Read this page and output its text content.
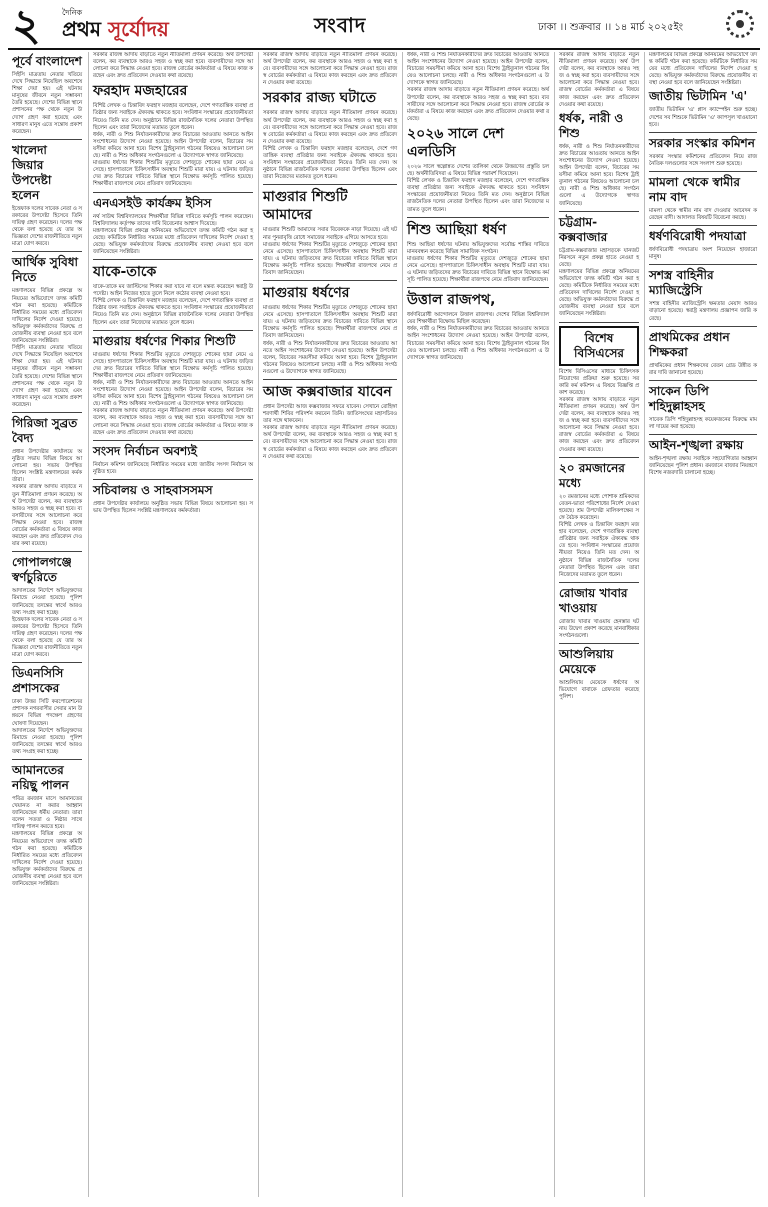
২	দৈনিক
প্রথম সূর্যোদয়	সংবাদ	ঢাকা ।। শুক্রবার ।। ১৪ মার্চ ২০২৫ইং
পূর্বে বাংলাদেশ
সিইসি মাত্রতায় নেতার খতিয়ে দেখে সিদ্ধান্তে নিয়েছিল অবশেষে শিক্ষা দেয়া হয়। এই ঘটনায় মানুষের জীবনে নতুন সম্ভাবনা তৈরি হয়েছে। দেশের বিভিন্ন স্থানে প্রশাসনের পক্ষ থেকে নতুন উদ্যোগ গ্রহণ করা হয়েছে এবং সাধারণ মানুষ এতে সন্তোষ প্রকাশ করেছেন।
খালেদা জিয়ার উপদেষ্টা হলেন
ইত্তেফাক দলের সাবেক নেতা ও সরকারের উপদেষ্টা হিসেবে তিনি দায়িত্ব গ্রহণ করেছেন। দলের পক্ষ থেকে বলা হয়েছে যে তার অভিজ্ঞতা দেশের রাজনীতিতে নতুন মাত্রা যোগ করবে।
আর্থিক সুবিধা নিতে
মন্ত্রণালয়ের বিভিন্ন প্রকল্পে অনিয়মের অভিযোগে তদন্ত কমিটি গঠন করা হয়েছে। কমিটিকে নির্ধারিত সময়ের মধ্যে প্রতিবেদন দাখিলের নির্দেশ দেওয়া হয়েছে। অভিযুক্ত কর্মকর্তাদের বিরুদ্ধে প্রয়োজনীয় ব্যবস্থা নেওয়া হবে বলে জানিয়েছেন সংশ্লিষ্টরা।
সিইসি মাত্রতায় নেতার খতিয়ে দেখে সিদ্ধান্তে নিয়েছিল অবশেষে শিক্ষা দেয়া হয়। এই ঘটনায় মানুষের জীবনে নতুন সম্ভাবনা তৈরি হয়েছে। দেশের বিভিন্ন স্থানে প্রশাসনের পক্ষ থেকে নতুন উদ্যোগ গ্রহণ করা হয়েছে এবং সাধারণ মানুষ এতে সন্তোষ প্রকাশ করেছেন।
গিরিজা সুব্রত বৈদ্য
প্রধান উপদেষ্টার কার্যালয়ে অনুষ্ঠিত সভায় বিভিন্ন বিষয়ে আলোচনা হয়। সভায় উপস্থিত ছিলেন সংশ্লিষ্ট মন্ত্রণালয়ের কর্মকর্তারা।
সরকার রাজস্ব আদায় বাড়াতে নতুন নীতিমালা প্রণয়ন করেছে। অর্থ উপদেষ্টা বলেন, কর ব্যবস্থাকে আরও সহজ ও স্বচ্ছ করা হবে। ব্যবসায়ীদের সঙ্গে আলোচনা করে সিদ্ধান্ত নেওয়া হবে। রাজস্ব বোর্ডের কর্মকর্তারা এ বিষয়ে কাজ করছেন এবং দ্রুত প্রতিবেদন দেওয়ার কথা রয়েছে।
গোপালগঞ্জে স্বর্ণচুরিতে
আদালতের নির্দেশে অভিযুক্তদের রিমান্ডে নেওয়া হয়েছে। পুলিশ জানিয়েছে তদন্তের স্বার্থে আরও তথ্য সংগ্রহ করা হচ্ছে।
ইত্তেফাক দলের সাবেক নেতা ও সরকারের উপদেষ্টা হিসেবে তিনি দায়িত্ব গ্রহণ করেছেন। দলের পক্ষ থেকে বলা হয়েছে যে তার অভিজ্ঞতা দেশের রাজনীতিতে নতুন মাত্রা যোগ করবে।
ডিএনসিসি প্রশাসকের
ঢাকা উত্তর সিটি করপোরেশনের প্রশাসক নগরবাসীর সেবার মান উন্নয়নে বিভিন্ন পদক্ষেপ গ্রহণের ঘোষণা দিয়েছেন।
আদালতের নির্দেশে অভিযুক্তদের রিমান্ডে নেওয়া হয়েছে। পুলিশ জানিয়েছে তদন্তের স্বার্থে আরও তথ্য সংগ্রহ করা হচ্ছে।
আমানতের নয়িছু পালন
পবিত্র রমজান মাসে আমানতের খেয়ানত না করার আহ্বান জানিয়েছেন ধর্মীয় নেতারা। তারা বলেন সততা ও নিষ্ঠার সাথে দায়িত্ব পালন করতে হবে।
মন্ত্রণালয়ের বিভিন্ন প্রকল্পে অনিয়মের অভিযোগে তদন্ত কমিটি গঠন করা হয়েছে। কমিটিকে নির্ধারিত সময়ের মধ্যে প্রতিবেদন দাখিলের নির্দেশ দেওয়া হয়েছে। অভিযুক্ত কর্মকর্তাদের বিরুদ্ধে প্রয়োজনীয় ব্যবস্থা নেওয়া হবে বলে জানিয়েছেন সংশ্লিষ্টরা।
সরকার রাজস্ব আদায় বাড়াতে নতুন নীতিমালা প্রণয়ন করেছে। অর্থ উপদেষ্টা বলেন, কর ব্যবস্থাকে আরও সহজ ও স্বচ্ছ করা হবে। ব্যবসায়ীদের সঙ্গে আলোচনা করে সিদ্ধান্ত নেওয়া হবে। রাজস্ব বোর্ডের কর্মকর্তারা এ বিষয়ে কাজ করছেন এবং দ্রুত প্রতিবেদন দেওয়ার কথা রয়েছে।
ফরহাদ মজহারের
বিশিষ্ট লেখক ও চিন্তাবিদ ফরহাদ মজহার বলেছেন, দেশে গণতান্ত্রিক ব্যবস্থা প্রতিষ্ঠার জন্য সবাইকে ঐক্যবদ্ধ থাকতে হবে। সংবিধান সংস্কারের প্রয়োজনীয়তা নিয়েও তিনি মত দেন। অনুষ্ঠানে বিভিন্ন রাজনৈতিক দলের নেতারা উপস্থিত ছিলেন এবং তারা নিজেদের মতামত তুলে ধরেন।
ধর্ষক, নারী ও শিশু নির্যাতনকারীদের দ্রুত বিচারের আওতায় আনতে আইন সংশোধনের উদ্যোগ নেওয়া হয়েছে। আইন উপদেষ্টা বলেন, বিচারের সময়সীমা কমিয়ে আনা হবে। বিশেষ ট্রাইব্যুনাল গঠনের বিষয়েও আলোচনা চলছে। নারী ও শিশু অধিকার সংগঠনগুলো এ উদ্যোগকে স্বাগত জানিয়েছে।
মাগুরায় ধর্ষণের শিকার শিশুটির মৃত্যুতে দেশজুড়ে শোকের ছায়া নেমে এসেছে। হাসপাতালে চিকিৎসাধীন অবস্থায় শিশুটি মারা যায়। এ ঘটনায় জড়িতদের দ্রুত বিচারের দাবিতে বিভিন্ন স্থানে বিক্ষোভ কর্মসূচি পালিত হয়েছে। শিক্ষার্থীরা রাজপথে নেমে প্রতিবাদ জানিয়েছেন।
এনএসইউ কার্যক্রম ইসিস
নর্থ সাউথ বিশ্ববিদ্যালয়ের শিক্ষার্থীরা বিভিন্ন দাবিতে কর্মসূচি পালন করেছেন। বিশ্ববিদ্যালয় কর্তৃপক্ষ তাদের দাবি বিবেচনার আশ্বাস দিয়েছে।
মন্ত্রণালয়ের বিভিন্ন প্রকল্পে অনিয়মের অভিযোগে তদন্ত কমিটি গঠন করা হয়েছে। কমিটিকে নির্ধারিত সময়ের মধ্যে প্রতিবেদন দাখিলের নির্দেশ দেওয়া হয়েছে। অভিযুক্ত কর্মকর্তাদের বিরুদ্ধে প্রয়োজনীয় ব্যবস্থা নেওয়া হবে বলে জানিয়েছেন সংশ্লিষ্টরা।
যাকে-তাকে
যাকে-তাকে মব জাস্টিসের শিকার করা যাবে না বলে মন্তব্য করেছেন স্বরাষ্ট্র উপদেষ্টা। আইন নিজের হাতে তুলে নিলে কঠোর ব্যবস্থা নেওয়া হবে।
বিশিষ্ট লেখক ও চিন্তাবিদ ফরহাদ মজহার বলেছেন, দেশে গণতান্ত্রিক ব্যবস্থা প্রতিষ্ঠার জন্য সবাইকে ঐক্যবদ্ধ থাকতে হবে। সংবিধান সংস্কারের প্রয়োজনীয়তা নিয়েও তিনি মত দেন। অনুষ্ঠানে বিভিন্ন রাজনৈতিক দলের নেতারা উপস্থিত ছিলেন এবং তারা নিজেদের মতামত তুলে ধরেন।
মাগুরায় ধর্ষণের শিকার শিশুটি
মাগুরায় ধর্ষণের শিকার শিশুটির মৃত্যুতে দেশজুড়ে শোকের ছায়া নেমে এসেছে। হাসপাতালে চিকিৎসাধীন অবস্থায় শিশুটি মারা যায়। এ ঘটনায় জড়িতদের দ্রুত বিচারের দাবিতে বিভিন্ন স্থানে বিক্ষোভ কর্মসূচি পালিত হয়েছে। শিক্ষার্থীরা রাজপথে নেমে প্রতিবাদ জানিয়েছেন।
ধর্ষক, নারী ও শিশু নির্যাতনকারীদের দ্রুত বিচারের আওতায় আনতে আইন সংশোধনের উদ্যোগ নেওয়া হয়েছে। আইন উপদেষ্টা বলেন, বিচারের সময়সীমা কমিয়ে আনা হবে। বিশেষ ট্রাইব্যুনাল গঠনের বিষয়েও আলোচনা চলছে। নারী ও শিশু অধিকার সংগঠনগুলো এ উদ্যোগকে স্বাগত জানিয়েছে।
সরকার রাজস্ব আদায় বাড়াতে নতুন নীতিমালা প্রণয়ন করেছে। অর্থ উপদেষ্টা বলেন, কর ব্যবস্থাকে আরও সহজ ও স্বচ্ছ করা হবে। ব্যবসায়ীদের সঙ্গে আলোচনা করে সিদ্ধান্ত নেওয়া হবে। রাজস্ব বোর্ডের কর্মকর্তারা এ বিষয়ে কাজ করছেন এবং দ্রুত প্রতিবেদন দেওয়ার কথা রয়েছে।
সংসদ নির্বাচন অবশ্যই
নির্বাচন কমিশন জানিয়েছে নির্ধারিত সময়ের মধ্যে জাতীয় সংসদ নির্বাচন অনুষ্ঠিত হবে।
সচিবালয় ও সাহবাসসমস
প্রধান উপদেষ্টার কার্যালয়ে অনুষ্ঠিত সভায় বিভিন্ন বিষয়ে আলোচনা হয়। সভায় উপস্থিত ছিলেন সংশ্লিষ্ট মন্ত্রণালয়ের কর্মকর্তারা।
সরকার রাজস্ব আদায় বাড়াতে নতুন নীতিমালা প্রণয়ন করেছে। অর্থ উপদেষ্টা বলেন, কর ব্যবস্থাকে আরও সহজ ও স্বচ্ছ করা হবে। ব্যবসায়ীদের সঙ্গে আলোচনা করে সিদ্ধান্ত নেওয়া হবে। রাজস্ব বোর্ডের কর্মকর্তারা এ বিষয়ে কাজ করছেন এবং দ্রুত প্রতিবেদন দেওয়ার কথা রয়েছে।
সরকার রাজ্য ঘটাতে
সরকার রাজস্ব আদায় বাড়াতে নতুন নীতিমালা প্রণয়ন করেছে। অর্থ উপদেষ্টা বলেন, কর ব্যবস্থাকে আরও সহজ ও স্বচ্ছ করা হবে। ব্যবসায়ীদের সঙ্গে আলোচনা করে সিদ্ধান্ত নেওয়া হবে। রাজস্ব বোর্ডের কর্মকর্তারা এ বিষয়ে কাজ করছেন এবং দ্রুত প্রতিবেদন দেওয়ার কথা রয়েছে।
বিশিষ্ট লেখক ও চিন্তাবিদ ফরহাদ মজহার বলেছেন, দেশে গণতান্ত্রিক ব্যবস্থা প্রতিষ্ঠার জন্য সবাইকে ঐক্যবদ্ধ থাকতে হবে। সংবিধান সংস্কারের প্রয়োজনীয়তা নিয়েও তিনি মত দেন। অনুষ্ঠানে বিভিন্ন রাজনৈতিক দলের নেতারা উপস্থিত ছিলেন এবং তারা নিজেদের মতামত তুলে ধরেন।
মাগুরার শিশুটি আমাদের
মাগুরার শিশুটি আমাদের সবার বিবেককে নাড়া দিয়েছে। এই ঘটনার পুনরাবৃত্তি রোধে সমাজের সবাইকে এগিয়ে আসতে হবে।
মাগুরায় ধর্ষণের শিকার শিশুটির মৃত্যুতে দেশজুড়ে শোকের ছায়া নেমে এসেছে। হাসপাতালে চিকিৎসাধীন অবস্থায় শিশুটি মারা যায়। এ ঘটনায় জড়িতদের দ্রুত বিচারের দাবিতে বিভিন্ন স্থানে বিক্ষোভ কর্মসূচি পালিত হয়েছে। শিক্ষার্থীরা রাজপথে নেমে প্রতিবাদ জানিয়েছেন।
মাগুরায় ধর্ষণের
মাগুরায় ধর্ষণের শিকার শিশুটির মৃত্যুতে দেশজুড়ে শোকের ছায়া নেমে এসেছে। হাসপাতালে চিকিৎসাধীন অবস্থায় শিশুটি মারা যায়। এ ঘটনায় জড়িতদের দ্রুত বিচারের দাবিতে বিভিন্ন স্থানে বিক্ষোভ কর্মসূচি পালিত হয়েছে। শিক্ষার্থীরা রাজপথে নেমে প্রতিবাদ জানিয়েছেন।
ধর্ষক, নারী ও শিশু নির্যাতনকারীদের দ্রুত বিচারের আওতায় আনতে আইন সংশোধনের উদ্যোগ নেওয়া হয়েছে। আইন উপদেষ্টা বলেন, বিচারের সময়সীমা কমিয়ে আনা হবে। বিশেষ ট্রাইব্যুনাল গঠনের বিষয়েও আলোচনা চলছে। নারী ও শিশু অধিকার সংগঠনগুলো এ উদ্যোগকে স্বাগত জানিয়েছে।
আজ কক্সবাজার যাবেন
প্রধান উপদেষ্টা আজ কক্সবাজার সফরে যাবেন। সেখানে রোহিঙ্গা শরণার্থী শিবির পরিদর্শন করবেন তিনি। জাতিসংঘের মহাসচিবও তার সঙ্গে থাকবেন।
সরকার রাজস্ব আদায় বাড়াতে নতুন নীতিমালা প্রণয়ন করেছে। অর্থ উপদেষ্টা বলেন, কর ব্যবস্থাকে আরও সহজ ও স্বচ্ছ করা হবে। ব্যবসায়ীদের সঙ্গে আলোচনা করে সিদ্ধান্ত নেওয়া হবে। রাজস্ব বোর্ডের কর্মকর্তারা এ বিষয়ে কাজ করছেন এবং দ্রুত প্রতিবেদন দেওয়ার কথা রয়েছে।
ধর্ষক, নারী ও শিশু নির্যাতনকারীদের দ্রুত বিচারের আওতায় আনতে আইন সংশোধনের উদ্যোগ নেওয়া হয়েছে। আইন উপদেষ্টা বলেন, বিচারের সময়সীমা কমিয়ে আনা হবে। বিশেষ ট্রাইব্যুনাল গঠনের বিষয়েও আলোচনা চলছে। নারী ও শিশু অধিকার সংগঠনগুলো এ উদ্যোগকে স্বাগত জানিয়েছে।
সরকার রাজস্ব আদায় বাড়াতে নতুন নীতিমালা প্রণয়ন করেছে। অর্থ উপদেষ্টা বলেন, কর ব্যবস্থাকে আরও সহজ ও স্বচ্ছ করা হবে। ব্যবসায়ীদের সঙ্গে আলোচনা করে সিদ্ধান্ত নেওয়া হবে। রাজস্ব বোর্ডের কর্মকর্তারা এ বিষয়ে কাজ করছেন এবং দ্রুত প্রতিবেদন দেওয়ার কথা রয়েছে।
২০২৬ সালে দেশ এলডিসি
২০২৬ সালে স্বল্পোন্নত দেশের তালিকা থেকে উত্তরণের প্রস্তুতি চলছে। অর্থনীতিবিদরা এ বিষয়ে বিভিন্ন পরামর্শ দিয়েছেন।
বিশিষ্ট লেখক ও চিন্তাবিদ ফরহাদ মজহার বলেছেন, দেশে গণতান্ত্রিক ব্যবস্থা প্রতিষ্ঠার জন্য সবাইকে ঐক্যবদ্ধ থাকতে হবে। সংবিধান সংস্কারের প্রয়োজনীয়তা নিয়েও তিনি মত দেন। অনুষ্ঠানে বিভিন্ন রাজনৈতিক দলের নেতারা উপস্থিত ছিলেন এবং তারা নিজেদের মতামত তুলে ধরেন।
শিশু আছিয়া ধর্ষণ
শিশু আছিয়া ধর্ষণের ঘটনায় অভিযুক্তদের সর্বোচ্চ শাস্তির দাবিতে মানববন্ধন করেছে বিভিন্ন সামাজিক সংগঠন।
মাগুরায় ধর্ষণের শিকার শিশুটির মৃত্যুতে দেশজুড়ে শোকের ছায়া নেমে এসেছে। হাসপাতালে চিকিৎসাধীন অবস্থায় শিশুটি মারা যায়। এ ঘটনায় জড়িতদের দ্রুত বিচারের দাবিতে বিভিন্ন স্থানে বিক্ষোভ কর্মসূচি পালিত হয়েছে। শিক্ষার্থীরা রাজপথে নেমে প্রতিবাদ জানিয়েছেন।
উত্তাল রাজপথ,
ধর্ষণবিরোধী আন্দোলনে উত্তাল রাজপথ। দেশের বিভিন্ন বিশ্ববিদ্যালয়ের শিক্ষার্থীরা বিক্ষোভ মিছিল করেছেন।
ধর্ষক, নারী ও শিশু নির্যাতনকারীদের দ্রুত বিচারের আওতায় আনতে আইন সংশোধনের উদ্যোগ নেওয়া হয়েছে। আইন উপদেষ্টা বলেন, বিচারের সময়সীমা কমিয়ে আনা হবে। বিশেষ ট্রাইব্যুনাল গঠনের বিষয়েও আলোচনা চলছে। নারী ও শিশু অধিকার সংগঠনগুলো এ উদ্যোগকে স্বাগত জানিয়েছে।
সরকার রাজস্ব আদায় বাড়াতে নতুন নীতিমালা প্রণয়ন করেছে। অর্থ উপদেষ্টা বলেন, কর ব্যবস্থাকে আরও সহজ ও স্বচ্ছ করা হবে। ব্যবসায়ীদের সঙ্গে আলোচনা করে সিদ্ধান্ত নেওয়া হবে। রাজস্ব বোর্ডের কর্মকর্তারা এ বিষয়ে কাজ করছেন এবং দ্রুত প্রতিবেদন দেওয়ার কথা রয়েছে।
ধর্ষক, নারী ও শিশু
ধর্ষক, নারী ও শিশু নির্যাতনকারীদের দ্রুত বিচারের আওতায় আনতে আইন সংশোধনের উদ্যোগ নেওয়া হয়েছে। আইন উপদেষ্টা বলেন, বিচারের সময়সীমা কমিয়ে আনা হবে। বিশেষ ট্রাইব্যুনাল গঠনের বিষয়েও আলোচনা চলছে। নারী ও শিশু অধিকার সংগঠনগুলো এ উদ্যোগকে স্বাগত জানিয়েছে।
চট্টগ্রাম-কক্সবাজার
চট্টগ্রাম-কক্সবাজার মহাসড়কে যানজট নিরসনে নতুন প্রকল্প হাতে নেওয়া হয়েছে।
মন্ত্রণালয়ের বিভিন্ন প্রকল্পে অনিয়মের অভিযোগে তদন্ত কমিটি গঠন করা হয়েছে। কমিটিকে নির্ধারিত সময়ের মধ্যে প্রতিবেদন দাখিলের নির্দেশ দেওয়া হয়েছে। অভিযুক্ত কর্মকর্তাদের বিরুদ্ধে প্রয়োজনীয় ব্যবস্থা নেওয়া হবে বলে জানিয়েছেন সংশ্লিষ্টরা।
বিশেষ বিসিএসের
বিশেষ বিসিএসের মাধ্যমে চিকিৎসক নিয়োগের প্রক্রিয়া শুরু হয়েছে। সরকারি কর্ম কমিশন এ বিষয়ে বিজ্ঞপ্তি প্রকাশ করেছে।
সরকার রাজস্ব আদায় বাড়াতে নতুন নীতিমালা প্রণয়ন করেছে। অর্থ উপদেষ্টা বলেন, কর ব্যবস্থাকে আরও সহজ ও স্বচ্ছ করা হবে। ব্যবসায়ীদের সঙ্গে আলোচনা করে সিদ্ধান্ত নেওয়া হবে। রাজস্ব বোর্ডের কর্মকর্তারা এ বিষয়ে কাজ করছেন এবং দ্রুত প্রতিবেদন দেওয়ার কথা রয়েছে।
২০ রমজানের মধ্যে
২০ রমজানের মধ্যে পোশাক শ্রমিকদের বেতন-ভাতা পরিশোধের নির্দেশ দেওয়া হয়েছে। শ্রম উপদেষ্টা মালিকপক্ষের সঙ্গে বৈঠক করেছেন।
বিশিষ্ট লেখক ও চিন্তাবিদ ফরহাদ মজহার বলেছেন, দেশে গণতান্ত্রিক ব্যবস্থা প্রতিষ্ঠার জন্য সবাইকে ঐক্যবদ্ধ থাকতে হবে। সংবিধান সংস্কারের প্রয়োজনীয়তা নিয়েও তিনি মত দেন। অনুষ্ঠানে বিভিন্ন রাজনৈতিক দলের নেতারা উপস্থিত ছিলেন এবং তারা নিজেদের মতামত তুলে ধরেন।
রোজায় খাবার খাওয়ায়
রোজায় খাবার খাওয়ায় হেনস্তার ঘটনায় উদ্বেগ প্রকাশ করেছে মানবাধিকার সংগঠনগুলো।
আশুলিয়ায় মেয়েকে
আশুলিয়ায় মেয়েকে ধর্ষণের অভিযোগে বাবাকে গ্রেফতার করেছে পুলিশ।
মন্ত্রণালয়ের বিভিন্ন প্রকল্পে অনিয়মের অভিযোগে তদন্ত কমিটি গঠন করা হয়েছে। কমিটিকে নির্ধারিত সময়ের মধ্যে প্রতিবেদন দাখিলের নির্দেশ দেওয়া হয়েছে। অভিযুক্ত কর্মকর্তাদের বিরুদ্ধে প্রয়োজনীয় ব্যবস্থা নেওয়া হবে বলে জানিয়েছেন সংশ্লিষ্টরা।
জাতীয় ভিটামিন 'এ'
জাতীয় ভিটামিন 'এ' প্লাস ক্যাম্পেইন শুরু হচ্ছে। দেশের সব শিশুকে ভিটামিন 'এ' ক্যাপসুল খাওয়ানো হবে।
সরকার সংস্কার কমিশন
সরকার সংস্কার কমিশনের প্রতিবেদন নিয়ে রাজনৈতিক দলগুলোর সঙ্গে সংলাপ শুরু হয়েছে।
মামলা থেকে স্বামীর নাম বাদ
মামলা থেকে স্বামীর নাম বাদ দেওয়ার আবেদন করেছেন বাদী। আদালত বিষয়টি বিবেচনা করছে।
ধর্ষণবিরোধী পদযাত্রা
ধর্ষণবিরোধী পদযাত্রায় অংশ নিয়েছেন হাজারো মানুষ।
সশস্ত্র বাহিনীর ম্যাজিস্ট্রেসি
সশস্ত্র বাহিনীর ম্যাজিস্ট্রেসি ক্ষমতার মেয়াদ আরও বাড়ানো হয়েছে। স্বরাষ্ট্র মন্ত্রণালয় প্রজ্ঞাপন জারি করেছে।
প্রাথমিকের প্রধান শিক্ষকরা
প্রাথমিকের প্রধান শিক্ষকদের বেতন গ্রেড উন্নীত করার দাবি জানানো হয়েছে।
সাকেন ডিপি শহিদুল্লাহসহ
সাবেক ডিপি শহিদুল্লাহসহ কয়েকজনের বিরুদ্ধে মামলা দায়ের করা হয়েছে।
আইন-শৃঙ্খলা রক্ষায়
আইন-শৃঙ্খলা রক্ষায় সবাইকে সহযোগিতার আহ্বান জানিয়েছেন পুলিশ প্রধান। রমজানে বাজার নিয়ন্ত্রণে বিশেষ নজরদারি চালানো হচ্ছে।
